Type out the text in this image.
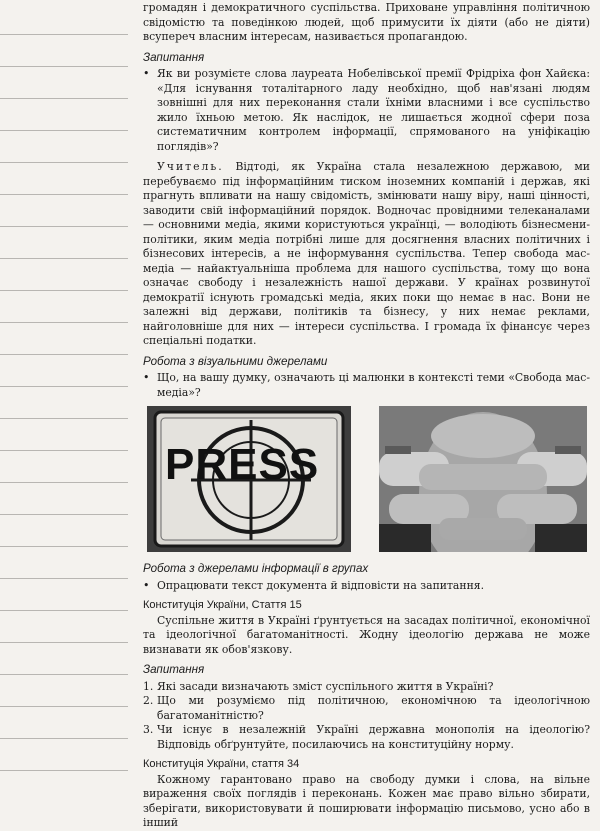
громадян і демократичного суспільства. Приховане управління політичною свідомістю та поведінкою людей, щоб примусити їх діяти (або не діяти) всупереч власним інтересам, називається пропагандою.

Запитання
• Як ви розумієте слова лауреата Нобелівської премії Фрідріха фон Хайєка: «Для існування тоталітарного ладу необхідно, щоб нав'язані людям зовнішні для них переконання стали їхніми власними і все суспільство жило їхньою метою. Як наслідок, не лишається жодної сфери поза систематичним контролем інформації, спрямованого на уніфікацію поглядів»?

Учитель. Відтоді, як Україна стала незалежною державою, ми перебуваємо під інформаційним тиском іноземних компаній і держав, які прагнуть впливати на нашу свідомість, змінювати нашу віру, наші цінності, заводити свій інформаційний порядок. Водночас провідними телеканалами — основними медіа, якими користуються українці, — володіють бізнесмени-політики, яким медіа потрібні лише для досягнення власних політичних і бізнесових інтересів, а не інформування суспільства. Тепер свобода мас-медіа — найактуальніша проблема для нашого суспільства, тому що вона означає свободу і незалежність нашої держави. У країнах розвинутої демократії існують громадські медіа, яких поки що немає в нас. Вони не залежні від держави, політиків та бізнесу, у них немає реклами, найголовніше для них — інтереси суспільства. І громада їх фінансує через спеціальні податки.

Робота з візуальними джерелами
• Що, на вашу думку, означають ці малюнки в контексті теми «Свобода мас-медіа»?
PRESS
Робота з джерелами інформації в групах
• Опрацювати текст документа й відповісти на запитання.
Конституція України, Стаття 15

Суспільне життя в Україні ґрунтується на засадах політичної, економічної та ідеологічної багатоманітності. Жодну ідеологію держава не може визнавати як обов'язкову.

Запитання
1. Які засади визначають зміст суспільного життя в Україні?
2. Що ми розуміємо під політичною, економічною та ідеологічною багатоманітністю?
3. Чи існує в незалежній Україні державна монополія на ідеологію? Відповідь обґрунтуйте, посилаючись на конституційну норму.
Конституція України, стаття 34

Кожному гарантовано право на свободу думки і слова, на вільне вираження своїх поглядів і переконань. Кожен має право вільно збирати, зберігати, використовувати й поширювати інформацію письмово, усно або в інший
